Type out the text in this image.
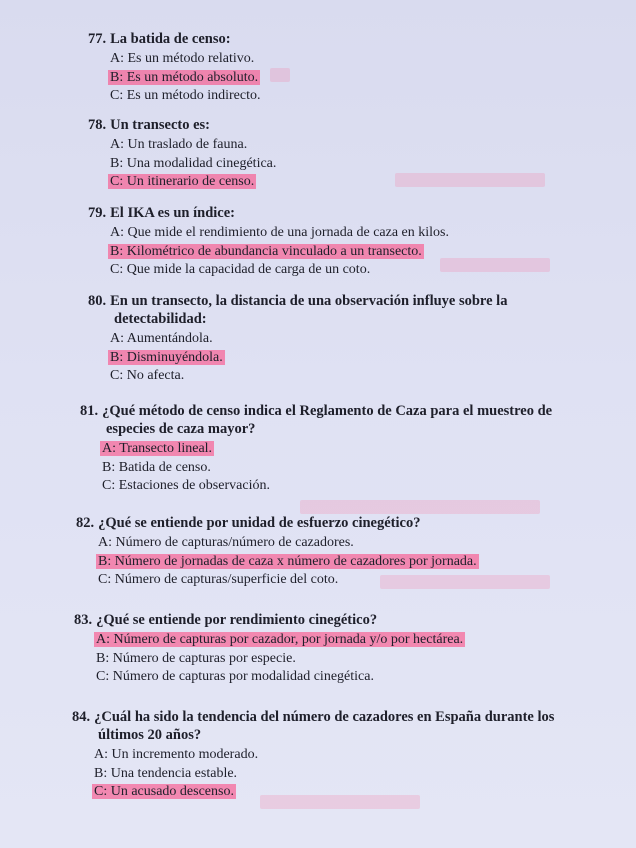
77. La batida de censo:
A: Es un método relativo.
B: Es un método absoluto.
C: Es un método indirecto.
78. Un transecto es:
A: Un traslado de fauna.
B: Una modalidad cinegética.
C: Un itinerario de censo.
79. El IKA es un índice:
A: Que mide el rendimiento de una jornada de caza en kilos.
B: Kilométrico de abundancia vinculado a un transecto.
C: Que mide la capacidad de carga de un coto.
80. En un transecto, la distancia de una observación influye sobre la
detectabilidad:
A: Aumentándola.
B: Disminuyéndola.
C: No afecta.
81. ¿Qué método de censo indica el Reglamento de Caza para el muestreo de
especies de caza mayor?
A: Transecto lineal.
B: Batida de censo.
C: Estaciones de observación.
82. ¿Qué se entiende por unidad de esfuerzo cinegético?
A: Número de capturas/número de cazadores.
B: Número de jornadas de caza x número de cazadores por jornada.
C: Número de capturas/superficie del coto.
83. ¿Qué se entiende por rendimiento cinegético?
A: Número de capturas por cazador, por jornada y/o por hectárea.
B: Número de capturas por especie.
C: Número de capturas por modalidad cinegética.
84. ¿Cuál ha sido la tendencia del número de cazadores en España durante los
últimos 20 años?
A: Un incremento moderado.
B: Una tendencia estable.
C: Un acusado descenso.
